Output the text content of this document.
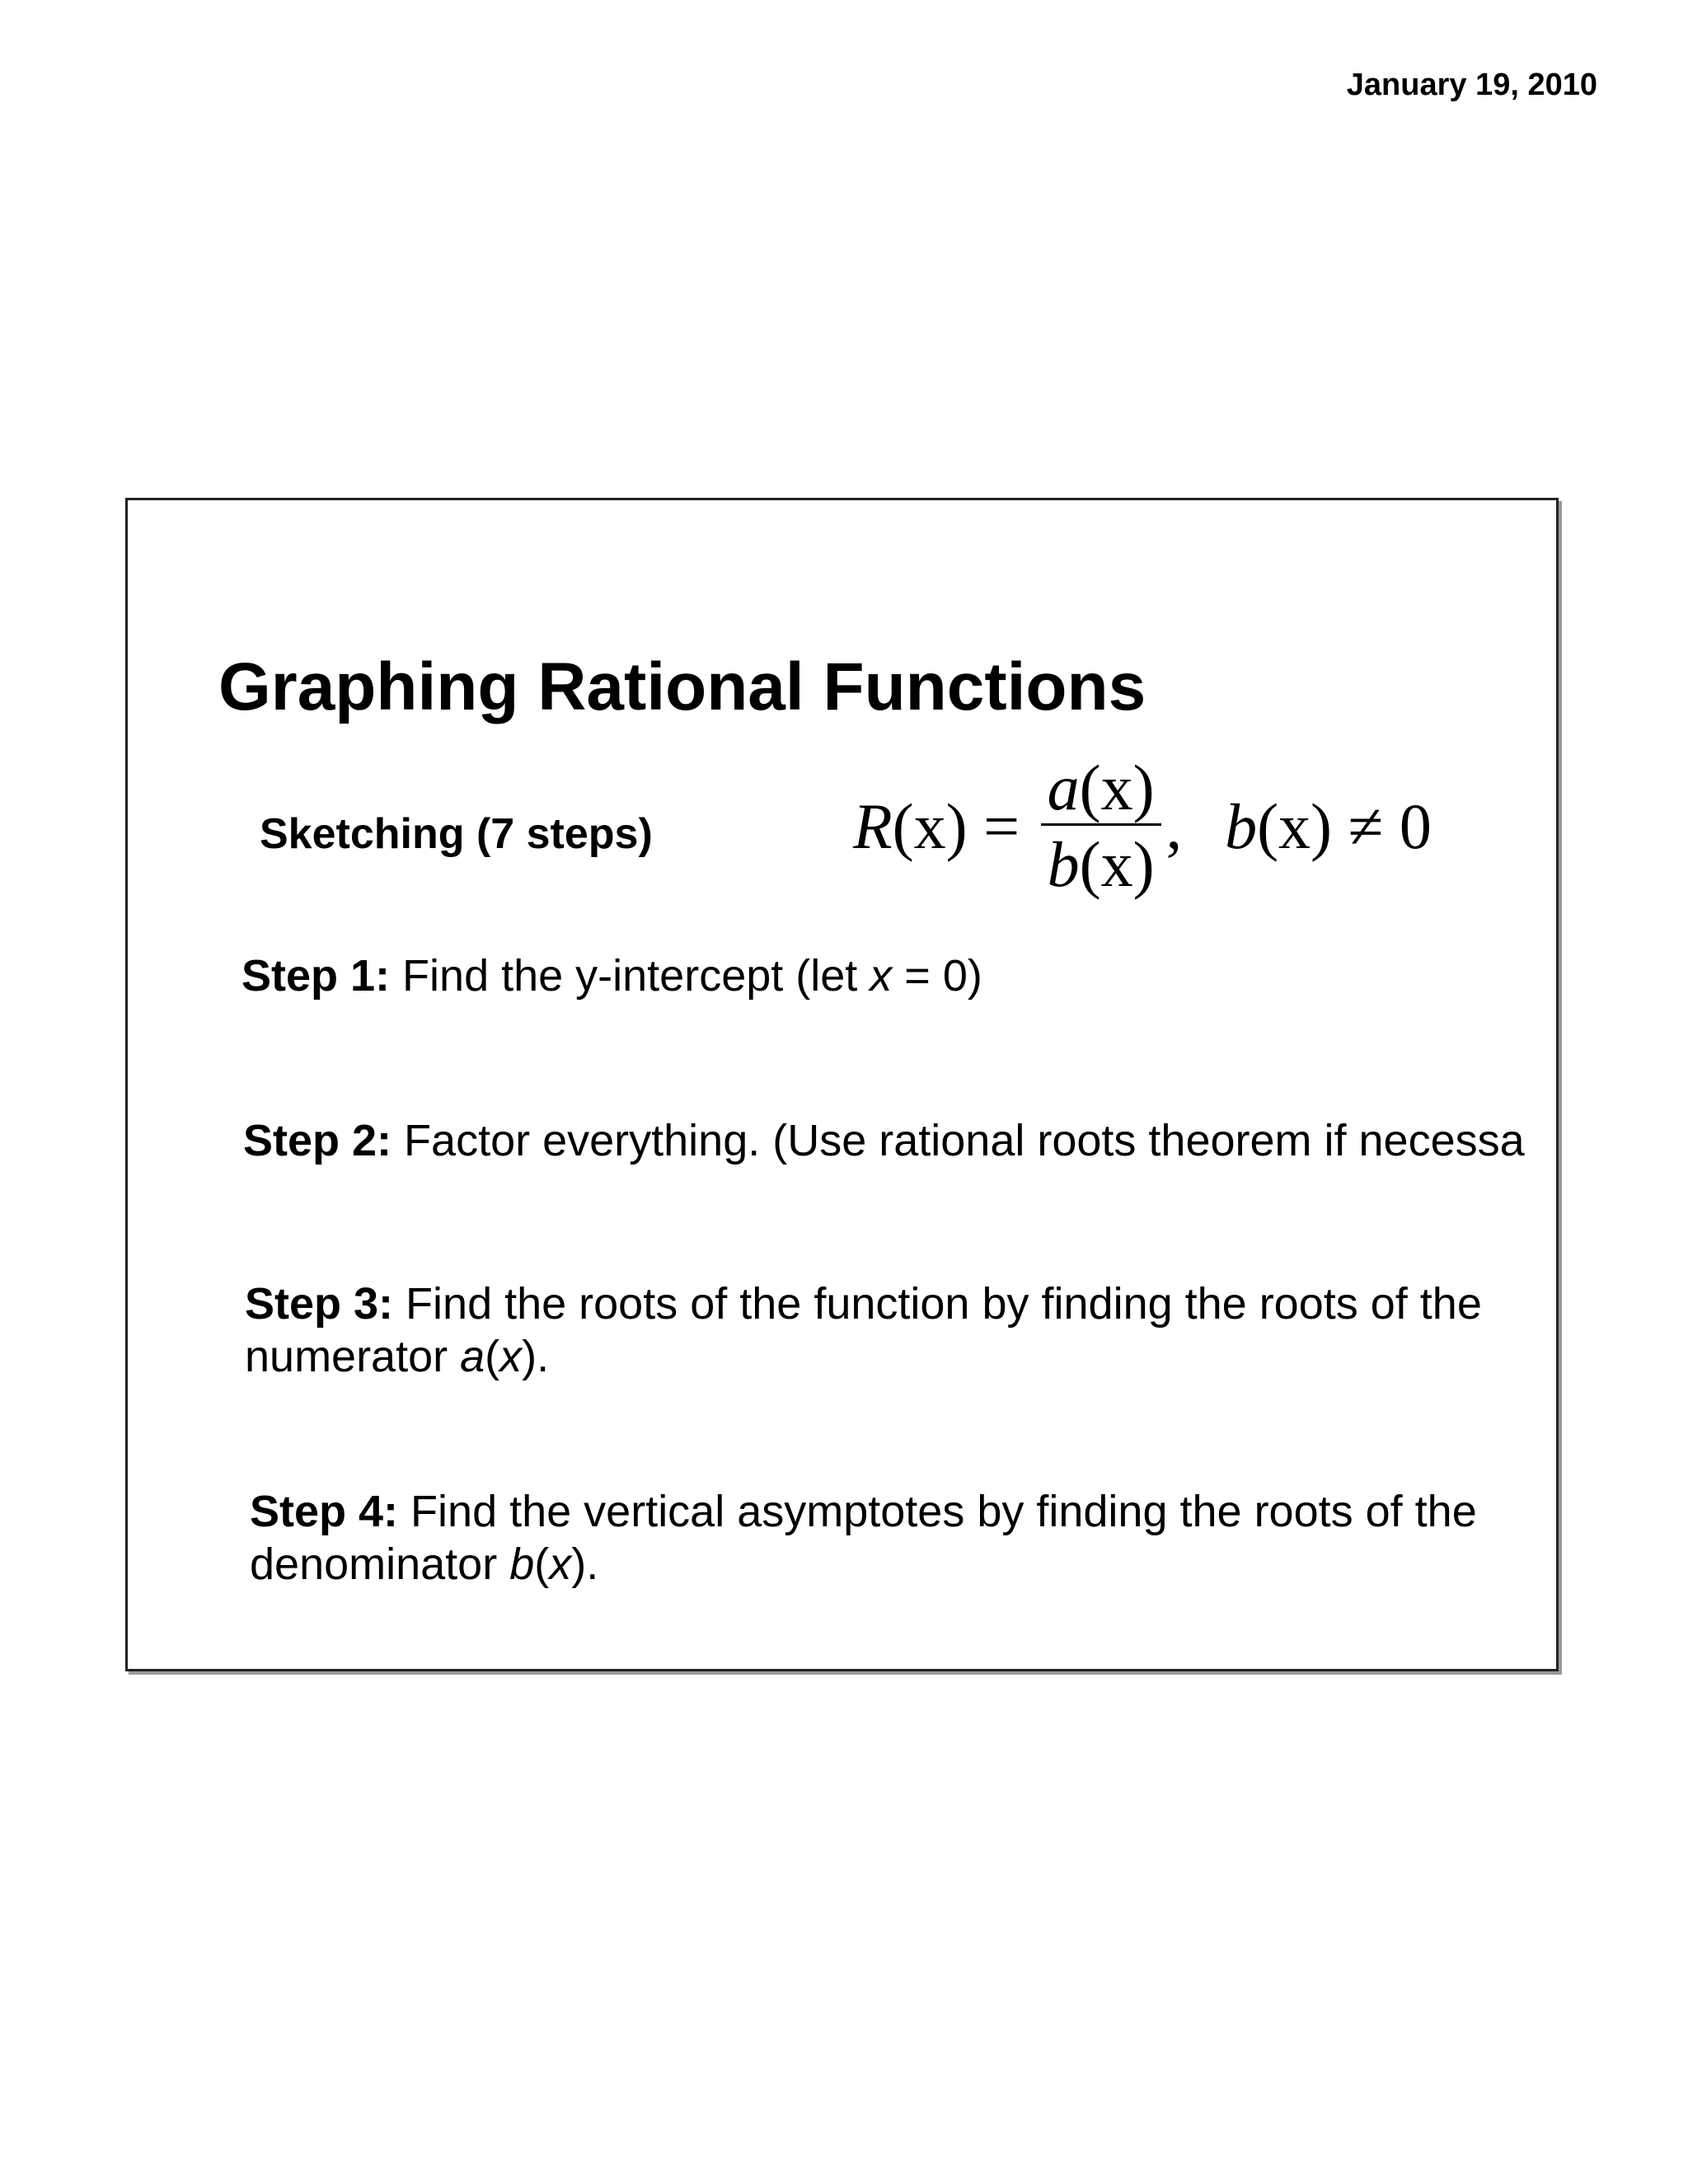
January 19, 2010
Graphing Rational Functions
Sketching (7 steps)	R $(x) = \frac{a(x)}{b(x)}$ , b (x) ≠ 0
Step 1: Find the y-intercept (let x = 0)
Step 2: Factor everything. (Use rational roots theorem if necessa
Step 3: Find the roots of the function by finding the roots of the
numerator a(x).
Step 4: Find the vertical asymptotes by finding the roots of the
denominator b(x).
